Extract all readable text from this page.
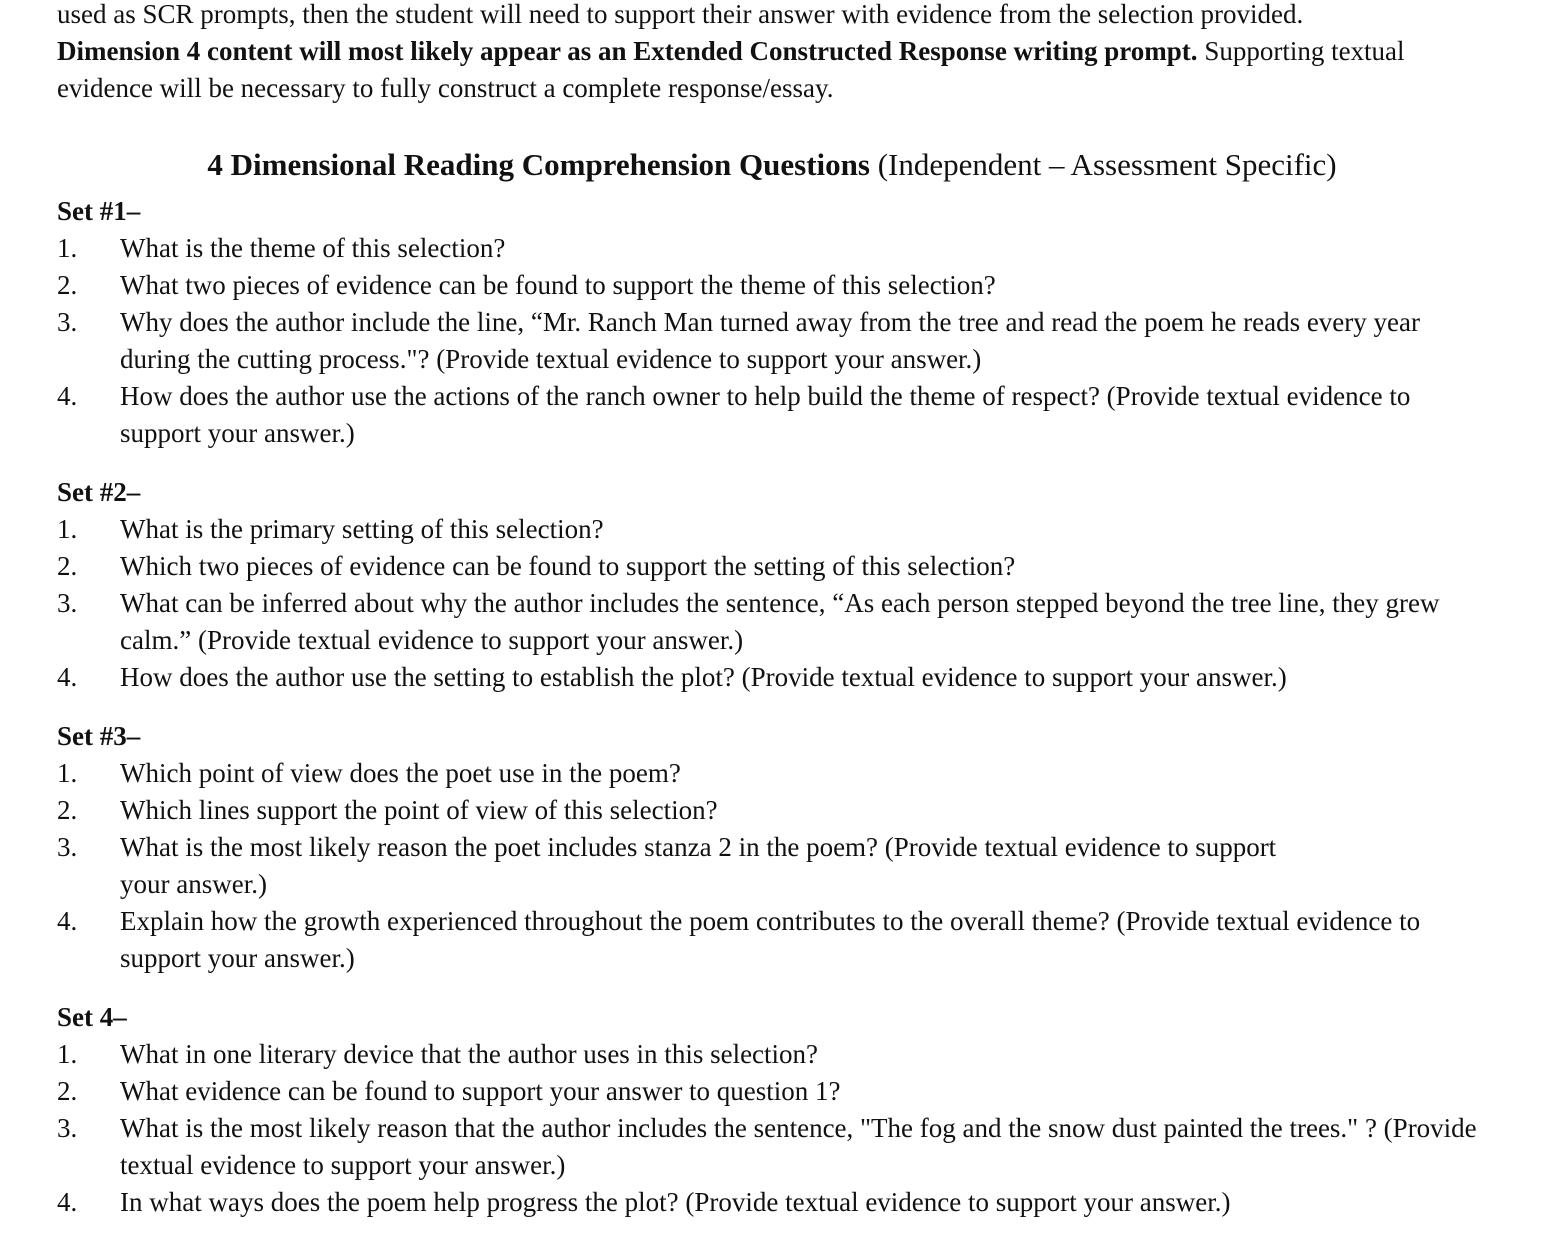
used as SCR prompts, then the student will need to support their answer with evidence from the selection provided.

Dimension 4 content will most likely appear as an Extended Constructed Response writing prompt. Supporting textual evidence will be necessary to fully construct a complete response/essay.

4 Dimensional Reading Comprehension Questions (Independent – Assessment Specific)
Set #1–
1.	What is the theme of this selection?
2.	What two pieces of evidence can be found to support the theme of this selection?
3.	Why does the author include the line, “Mr. Ranch Man turned away from the tree and read the poem he reads every year during the cutting process."? (Provide textual evidence to support your answer.)
4.	How does the author use the actions of the ranch owner to help build the theme of respect? (Provide textual evidence to support your answer.)
Set #2–
1.	What is the primary setting of this selection?
2.	Which two pieces of evidence can be found to support the setting of this selection?
3.	What can be inferred about why the author includes the sentence, “As each person stepped beyond the tree line, they grew calm.” (Provide textual evidence to support your answer.)
4.	How does the author use the setting to establish the plot? (Provide textual evidence to support your answer.)
Set #3–
1.	Which point of view does the poet use in the poem?
2.	Which lines support the point of view of this selection?
3.	What is the most likely reason the poet includes stanza 2 in the poem? (Provide textual evidence to support your answer.)
4.	Explain how the growth experienced throughout the poem contributes to the overall theme? (Provide textual evidence to support your answer.)
Set 4–
1.	What in one literary device that the author uses in this selection?
2.	What evidence can be found to support your answer to question 1?
3.	What is the most likely reason that the author includes the sentence, "The fog and the snow dust painted the trees." ? (Provide textual evidence to support your answer.)
4.	In what ways does the poem help progress the plot? (Provide textual evidence to support your answer.)
